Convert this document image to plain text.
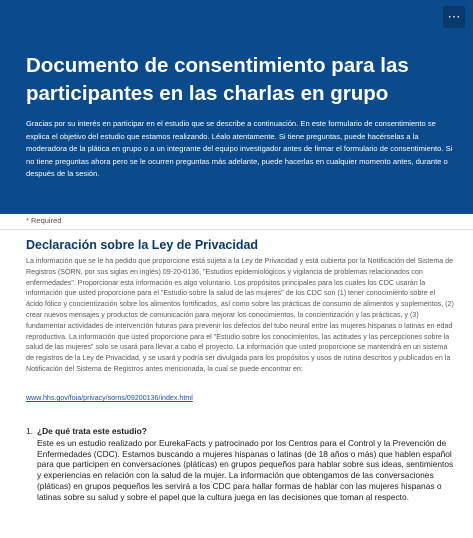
⋯
Documento de consentimiento para las participantes en las charlas en grupo

Gracias por su interés en participar en el estudio que se describe a continuación. En este formulario de consentimiento se explica el objetivo del estudio que estamos realizando. Léalo atentamente. Si tiene preguntas, puede hacérselas a la moderadora de la plática en grupo o a un integrante del equipo investigador antes de firmar el formulario de consentimiento. Si no tiene preguntas ahora pero se le ocurren preguntas más adelante, puede hacerlas en cualquier momento antes, durante o después de la sesión.

* Required
Declaración sobre la Ley de Privacidad

La información que se le ha pedido que proporcione está sujeta a la Ley de Privacidad y está cubierta por la Notificación del Sistema de Registros (SORN, por sus siglas en inglés) 09-20-0136, "Estudios epidemiológicos y vigilancia de problemas relacionados con enfermedades". Proporcionar esta información es algo voluntario. Los propósitos principales para los cuales los CDC usarán la información que usted proporcione para el "Estudio sobre la salud de las mujeres" de los CDC son (1) tener conocimiento sobre el ácido fólico y concientización sobre los alimentos fortificados, así como sobre las prácticas de consumo de alimentos y suplementos, (2) crear nuevos mensajes y productos de comunicación para mejorar los conocimientos, la concientización y las prácticas, y (3) fundamentar actividades de intervención futuras para prevenir los defectos del tubo neural entre las mujeres hispanas o latinas en edad reproductiva. La información que usted proporcione para el "Estudio sobre los conocimientos, las actitudes y las percepciones sobre la salud de las mujeres" solo se usará para llevar a cabo el proyecto. La información que usted proporcione se mantendrá en un sistema de registros de la Ley de Privacidad, y se usará y podría ser divulgada para los propósitos y usos de rutina descritos y publicados en la Notificación del Sistema de Registros antes mencionada, la cual se puede encontrar en:

www.hhs.gov/foia/privacy/sorns/09200136/index.html
1. ¿De qué trata este estudio?

Este es un estudio realizado por EurekaFacts y patrocinado por los Centros para el Control y la Prevención de Enfermedades (CDC). Estamos buscando a mujeres hispanas o latinas (de 18 años o más) que hablen español para que participen en conversaciones (pláticas) en grupos pequeños para hablar sobre sus ideas, sentimientos y experiencias en relación con la salud de la mujer. La información que obtengamos de las conversaciones (pláticas) en grupos pequeños les servirá a los CDC para hallar formas de hablar con las mujeres hispanas o latinas sobre su salud y sobre el papel que la cultura juega en las decisiones que toman al respecto.
